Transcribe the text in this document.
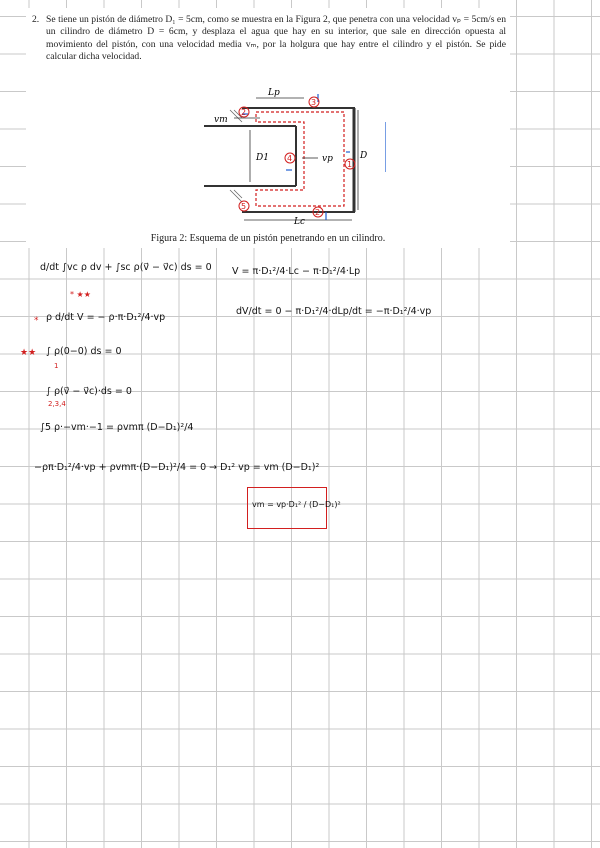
2. Se tiene un pistón de diámetro D₁ = 5cm, como se muestra en la Figura 2, que penetra con una velocidad vₚ = 5cm/s en un cilindro de diámetro D = 6cm, y desplaza el agua que hay en su interior, que sale en dirección opuesta al movimiento del pistón, con una velocidad media vₘ, por la holgura que hay entre el cilindro y el pistón. Se pide calcular dicha velocidad.
Lp
Lc
D1	D
vm
vp
2
3
4
1
5
2
Figura 2: Esquema de un pistón penetrando en un cilindro.
d/dt ∫vc ρ dv + ∫sc ρ(v⃗ − v⃗c) ds = 0
* ★★
V = π·D₁²/4·Lc − π·D₁²/4·Lp
* ρ d/dt V = − ρ·π·D₁²/4·vp
dV/dt = 0 − π·D₁²/4·dLp/dt = −π·D₁²/4·vp
★★ ∫ ρ(0−0) ds = 0
1
∫ ρ(v⃗ − v⃗c)·ds = 0
2,3,4
∫5 ρ·−vm·−1 = ρvmπ (D−D₁)²/4
−ρπ·D₁²/4·vp + ρvmπ·(D−D₁)²/4 = 0 → D₁² vp = vm (D−D₁)²
vm = vp·D₁² / (D−D₁)²
